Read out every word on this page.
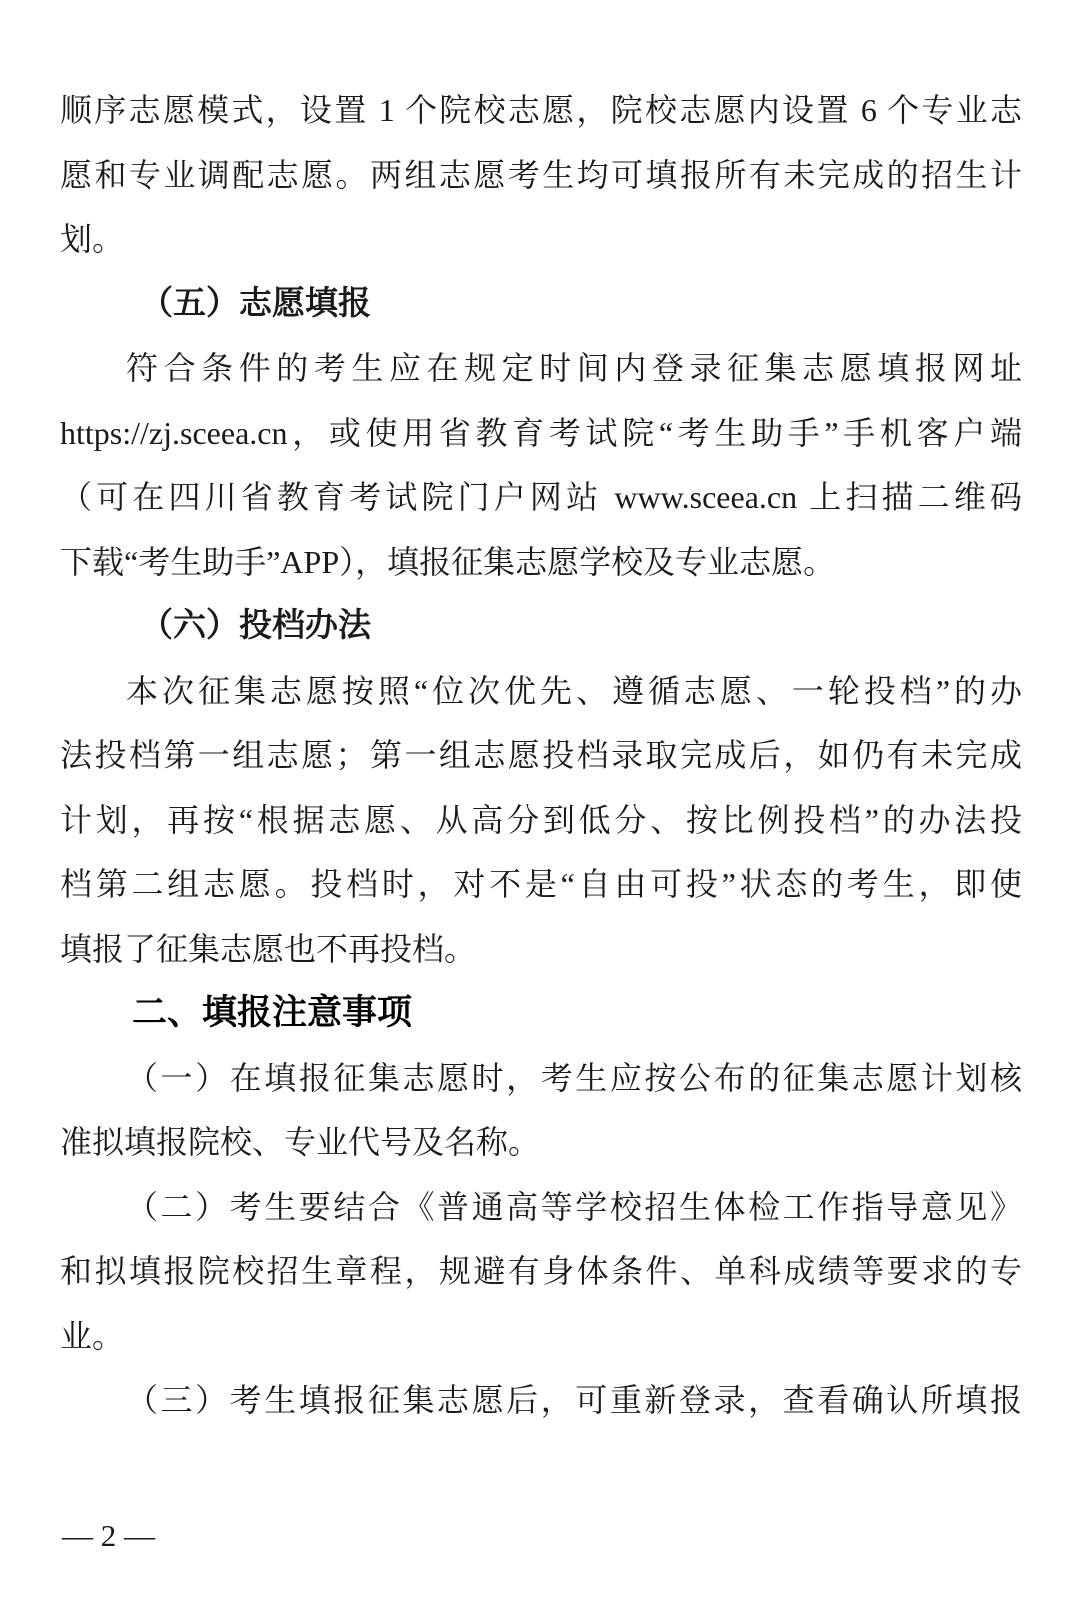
顺序志愿模式，设置 1 个院校志愿，院校志愿内设置 6 个专业志
愿和专业调配志愿。两组志愿考生均可填报所有未完成的招生计
划。
（五）志愿填报
符合条件的考生应在规定时间内登录征集志愿填报网址
https://zj.sceea.cn，或使用省教育考试院“考生助手”手机客户端
（可在四川省教育考试院门户网站 www.sceea.cn 上扫描二维码
下载“考生助手”APP），填报征集志愿学校及专业志愿。
（六）投档办法
本次征集志愿按照“位次优先、遵循志愿、一轮投档”的办
法投档第一组志愿；第一组志愿投档录取完成后，如仍有未完成
计划，再按“根据志愿、从高分到低分、按比例投档”的办法投
档第二组志愿。投档时，对不是“自由可投”状态的考生，即使
填报了征集志愿也不再投档。
二、填报注意事项
（一）在填报征集志愿时，考生应按公布的征集志愿计划核
准拟填报院校、专业代号及名称。
（二）考生要结合《普通高等学校招生体检工作指导意见》
和拟填报院校招生章程，规避有身体条件、单科成绩等要求的专
业。
（三）考生填报征集志愿后，可重新登录，查看确认所填报
— 2 —
